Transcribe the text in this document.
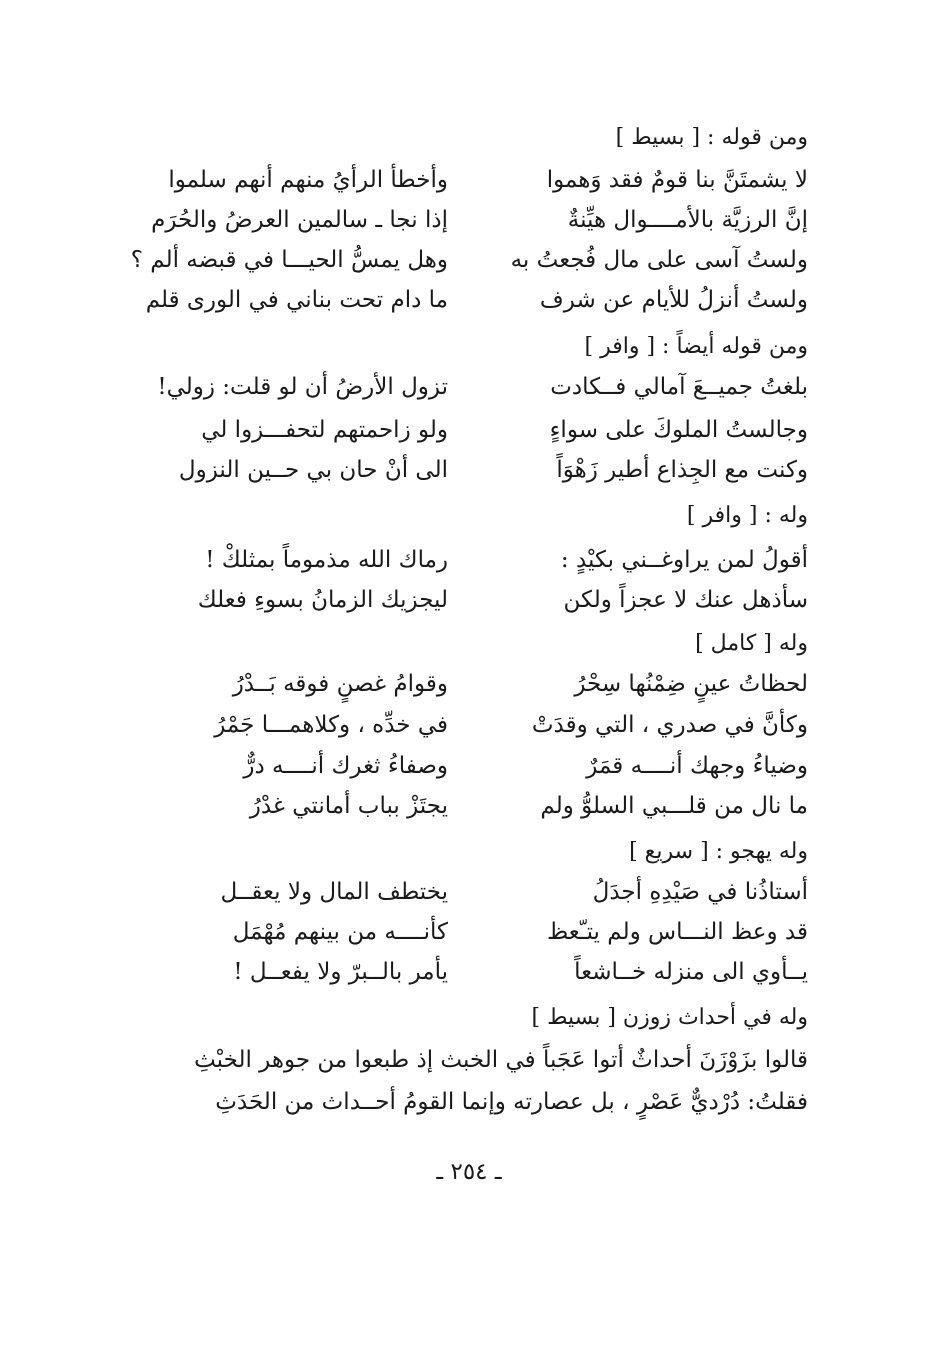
ومن قوله : [ بسيط ]
لا يشمتَنَّ بنا قومٌ فقد وَهموا
وأخطأ الرأيُ منهم أنهم سلموا
إنَّ الرزيَّة بالأمــــوال هيِّنةٌ
إذا نجا ـ سالمين العرضُ والحُرَم
ولستُ آسى على مال فُجعتُ به
وهل يمسُّ الحيـــا في قبضه ألم ؟
ولستُ أنزلُ للأيام عن شرف
ما دام تحت بناني في الورى قلم
ومن قوله أيضاً : [ وافر ]
بلغتُ جميــعَ آمالي فــكادت
تزول الأرضُ أن لو قلت: زولي!
وجالستُ الملوكَ على سواءٍ
ولو زاحمتهم لتحفـــزوا لي
وكنت مع الجِذاع أطير زَهْوَاً
الى أنْ حان بي حــين النزول
وله : [ وافر ]
أقولُ لمن يراوغــني بكيْدٍ :
رماك الله مذموماً بمثلكْ !
سأذهل عنك لا عجزاً ولكن
ليجزيك الزمانُ بسوءِ فعلك
وله [ كامل ]
لحظاتُ عينٍ ضِمْنُها سِحْرُ
وقوامُ غصنٍ فوقه بَــدْرُ
وكأنَّ في صدري ، التي وقدَتْ
في خدِّه ، وكلاهمـــا جَمْرُ
وضياءُ وجهك أنــــه قمَرٌ
وصفاءُ ثغرك أنــــه درٌّ
ما نال من قلـــبي السلوُّ ولم
يجتَزْ بباب أمانتي غدْرُ
وله يهجو : [ سريع ]
أستاذُنا في صَيْدِهِ أجدَلُ
يختطف المال ولا يعقــل
قد وعظ النـــاس ولم يتـّعظ
كأنــــه من بينهم مُهْمَل
يــأوي الى منزله خــاشعاً
يأمر بالــبرّ ولا يفعــل !
وله في أحداث زوزن [ بسيط ]
قالوا بزَوْزَنَ أحداثٌ أتوا عَجَباً في الخبث إذ طبعوا من جوهر الخبْثِ
فقلتُ: دُرْديٌّ عَصْرٍ ، بل عصارته وإنما القومُ أحــداث من الحَدَثِ
ـ ٢٥٤ ـ
